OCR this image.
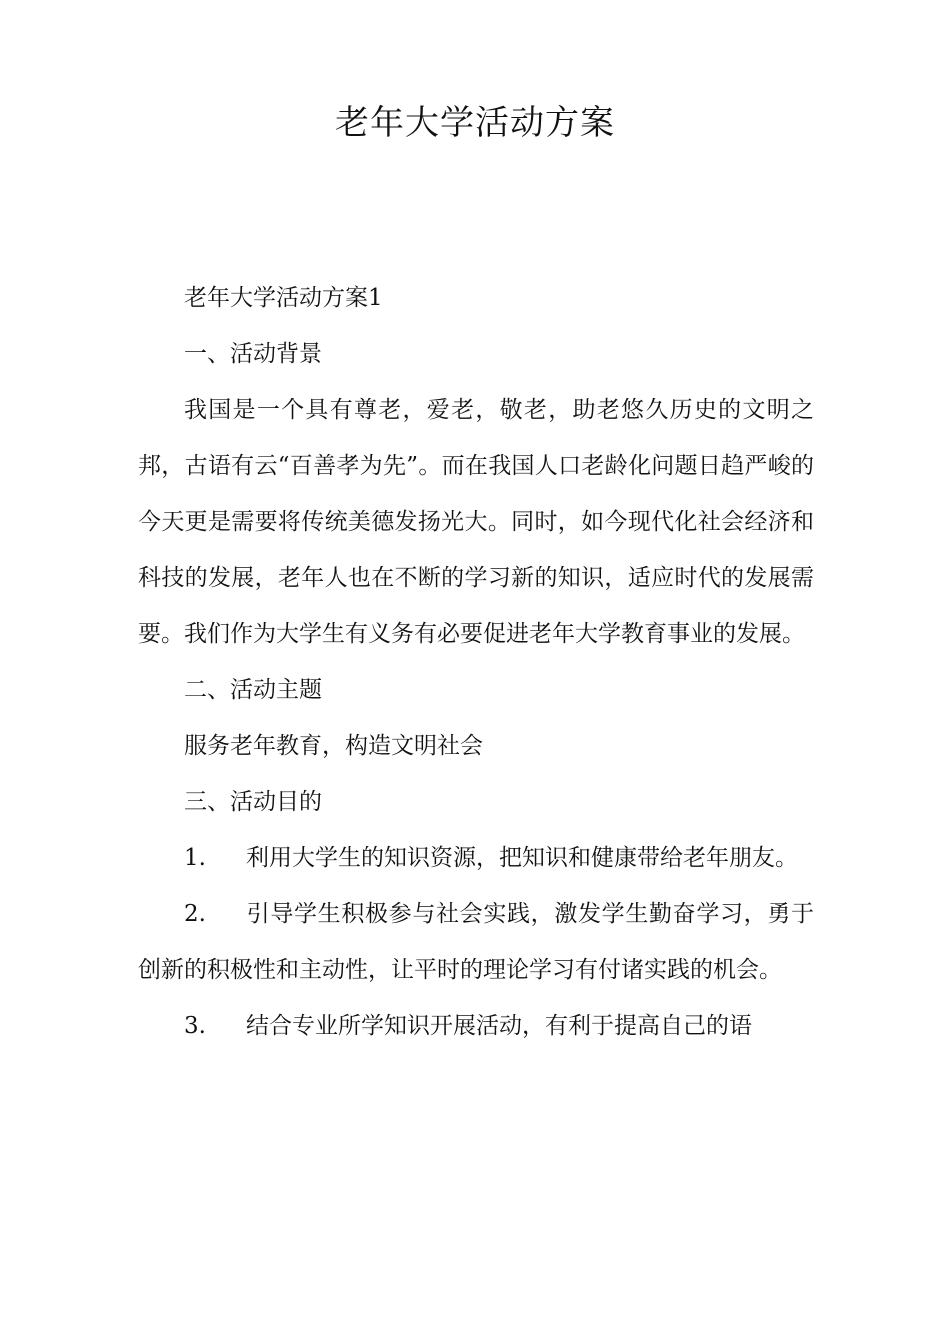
老年大学活动方案

老年大学活动方案1

一、活动背景

我国是一个具有尊老，爱老，敬老，助老悠久历史的文明之邦，古语有云“百善孝为先”。而在我国人口老龄化问题日趋严峻的今天更是需要将传统美德发扬光大。同时，如今现代化社会经济和科技的发展，老年人也在不断的学习新的知识，适应时代的发展需要。我们作为大学生有义务有必要促进老年大学教育事业的发展。

二、活动主题

服务老年教育，构造文明社会

三、活动目的

1. 利用大学生的知识资源，把知识和健康带给老年朋友。

2. 引导学生积极参与社会实践，激发学生勤奋学习，勇于创新的积极性和主动性，让平时的理论学习有付诸实践的机会。

3. 结合专业所学知识开展活动，有利于提高自己的语
